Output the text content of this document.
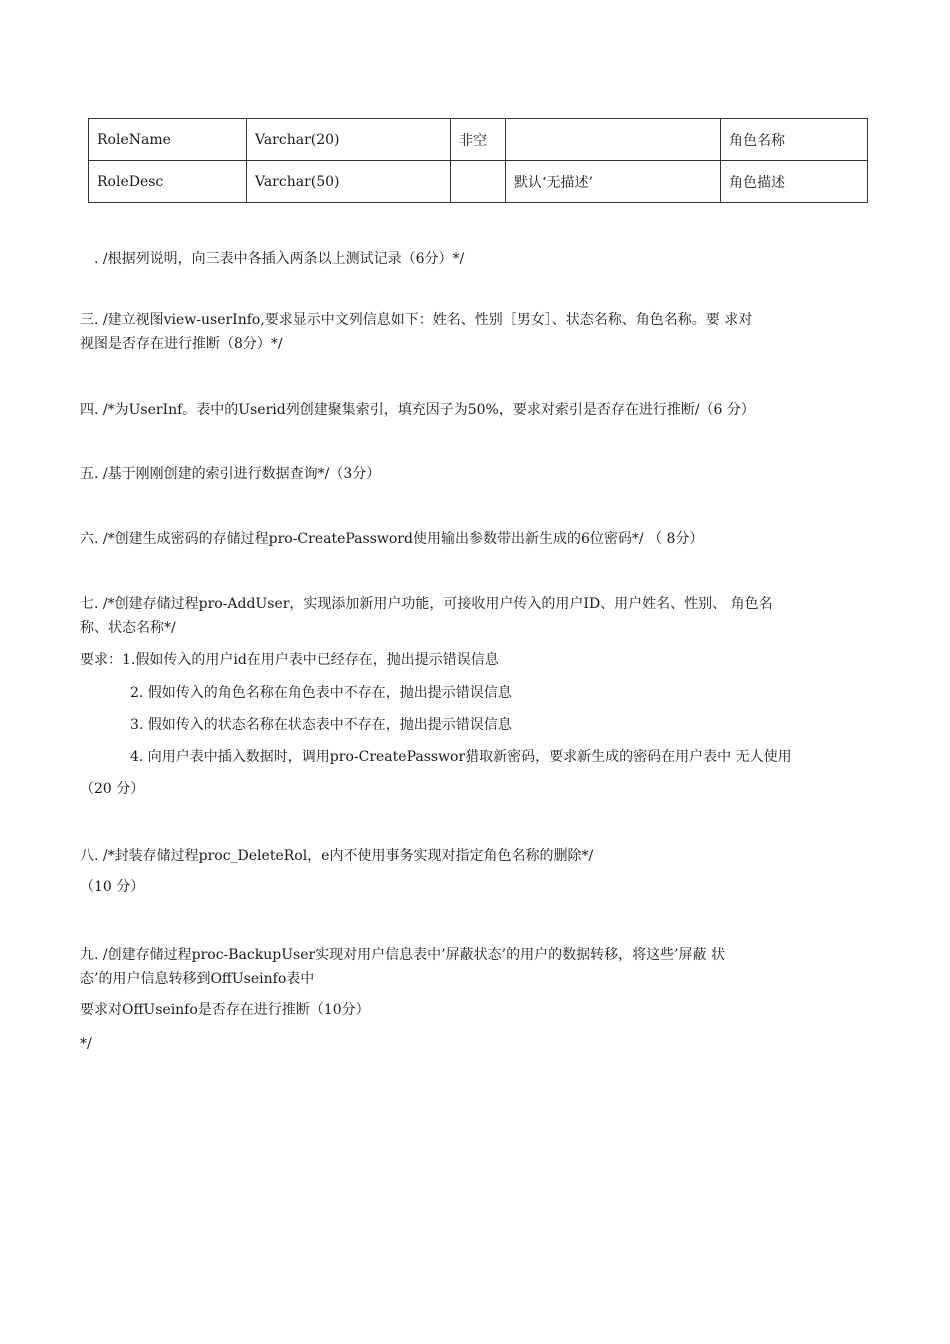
RoleName	Varchar(20)	非空		角色名称
RoleDesc	Varchar(50)		默认‘无描述’	角色描述
. /根据列说明，向三表中各插入两条以上测试记录（6分）*/
三. /建立视图view-userInfo,要求显示中文列信息如下：姓名、性别［男女］、状态名称、角色名称。要 求对
视图是否存在进行推断（8分）*/
四. /*为UserInf。表中的Userid列创建聚集索引，填充因子为50%，要求对索引是否存在进行推断/（6 分）
五. /基于刚刚创建的索引进行数据查询*/（3分）
六. /*创建生成密码的存储过程pro-CreatePassword使用输出参数带出新生成的6位密码*/ （ 8分）
七. /*创建存储过程pro-AddUser，实现添加新用户功能，可接收用户传入的用户ID、用户姓名、性别、 角色名
称、状态名称*/
要求：1.假如传入的用户id在用户表中已经存在，抛出提示错误信息
2. 假如传入的角色名称在角色表中不存在，抛出提示错误信息
3. 假如传入的状态名称在状态表中不存在，抛出提示错误信息
4. 向用户表中插入数据时，调用pro-CreatePasswor猎取新密码，要求新生成的密码在用户表中 无人使用
（20 分）
八. /*封装存储过程proc_DeleteRol，e内不使用事务实现对指定角色名称的删除*/
（10 分）
九. /创建存储过程proc-BackupUser实现对用户信息表中’屏蔽状态’的用户的数据转移，将这些’屏蔽 状
态’的用户信息转移到OffUseinfo表中
要求对OffUseinfo是否存在进行推断（10分）
*/
